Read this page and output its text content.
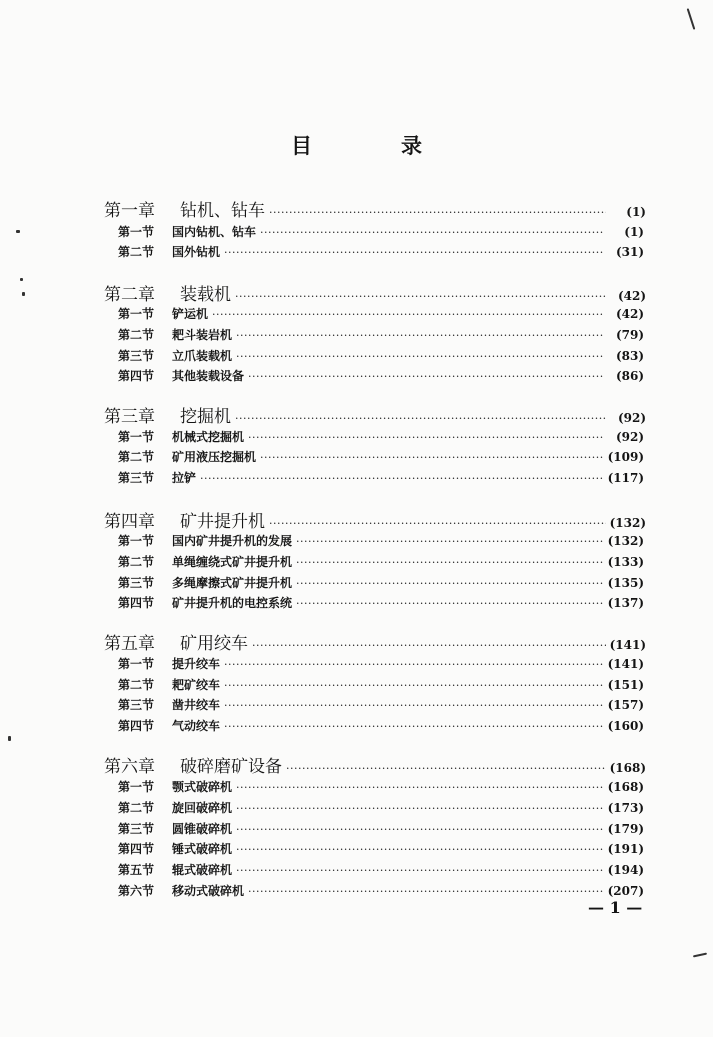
目　录
第一章	钻机、钻车 ·····	(1)
第一节	国内钻机、钻车 ·····	(1)
第二节	国外钻机 ·····	(31)
第二章	装载机 ·····	(42)
第一节	铲运机 ·····	(42)
第二节	耙斗装岩机 ·····	(79)
第三节	立爪装载机 ·····	(83)
第四节	其他装载设备 ·····	(86)
第三章	挖掘机 ·····	(92)
第一节	机械式挖掘机 ·····	(92)
第二节	矿用液压挖掘机 ·····	(109)
第三节	拉铲 ·····	(117)
第四章	矿井提升机 ·····	(132)
第一节	国内矿井提升机的发展 ·····	(132)
第二节	单绳缠绕式矿井提升机 ·····	(133)
第三节	多绳摩擦式矿井提升机 ·····	(135)
第四节	矿井提升机的电控系统 ·····	(137)
第五章	矿用绞车 ·····	(141)
第一节	提升绞车 ·····	(141)
第二节	耙矿绞车 ·····	(151)
第三节	凿井绞车 ·····	(157)
第四节	气动绞车 ·····	(160)
第六章	破碎磨矿设备 ·····	(168)
第一节	颚式破碎机 ·····	(168)
第二节	旋回破碎机 ·····	(173)
第三节	圆锥破碎机 ·····	(179)
第四节	锤式破碎机 ·····	(191)
第五节	辊式破碎机 ·····	(194)
第六节	移动式破碎机 ·····	(207)
— 1 —
